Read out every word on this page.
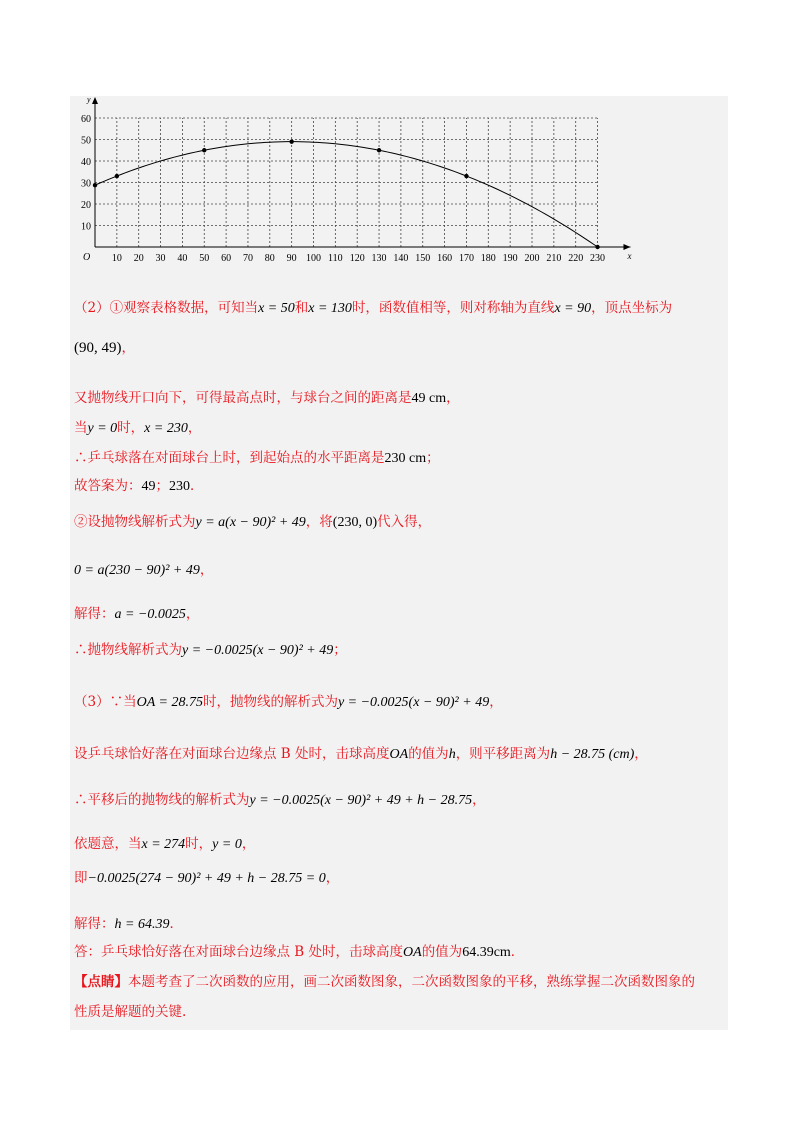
y
x
O 10 20 30 40 50 60 70 80 90 100 110 120 130 140 150 160 170 180 190 200 210 220 230
10
20
30
40
50
60
（2）①观察表格数据，可知当x = 50和x = 130时，函数值相等，则对称轴为直线x = 90，顶点坐标为
(90, 49)，
又抛物线开口向下，可得最高点时，与球台之间的距离是49 cm，
当y = 0时，x = 230，
∴乒乓球落在对面球台上时，到起始点的水平距离是230 cm；
故答案为：49；230．
②设抛物线解析式为y = a(x − 90)² + 49，将(230, 0)代入得，
0 = a(230 − 90)² + 49，
解得：a = −0.0025，
∴抛物线解析式为y = −0.0025(x − 90)² + 49；
（3）∵当OA = 28.75时，抛物线的解析式为y = −0.0025(x − 90)² + 49，
设乒乓球恰好落在对面球台边缘点 B 处时，击球高度OA的值为h，则平移距离为h − 28.75 (cm)，
∴平移后的抛物线的解析式为y = −0.0025(x − 90)² + 49 + h − 28.75，
依题意，当x = 274时，y = 0，
即−0.0025(274 − 90)² + 49 + h − 28.75 = 0，
解得：h = 64.39．
答：乒乓球恰好落在对面球台边缘点 B 处时，击球高度OA的值为64.39cm．
【点睛】本题考查了二次函数的应用，画二次函数图象，二次函数图象的平移，熟练掌握二次函数图象的
性质是解题的关键.
